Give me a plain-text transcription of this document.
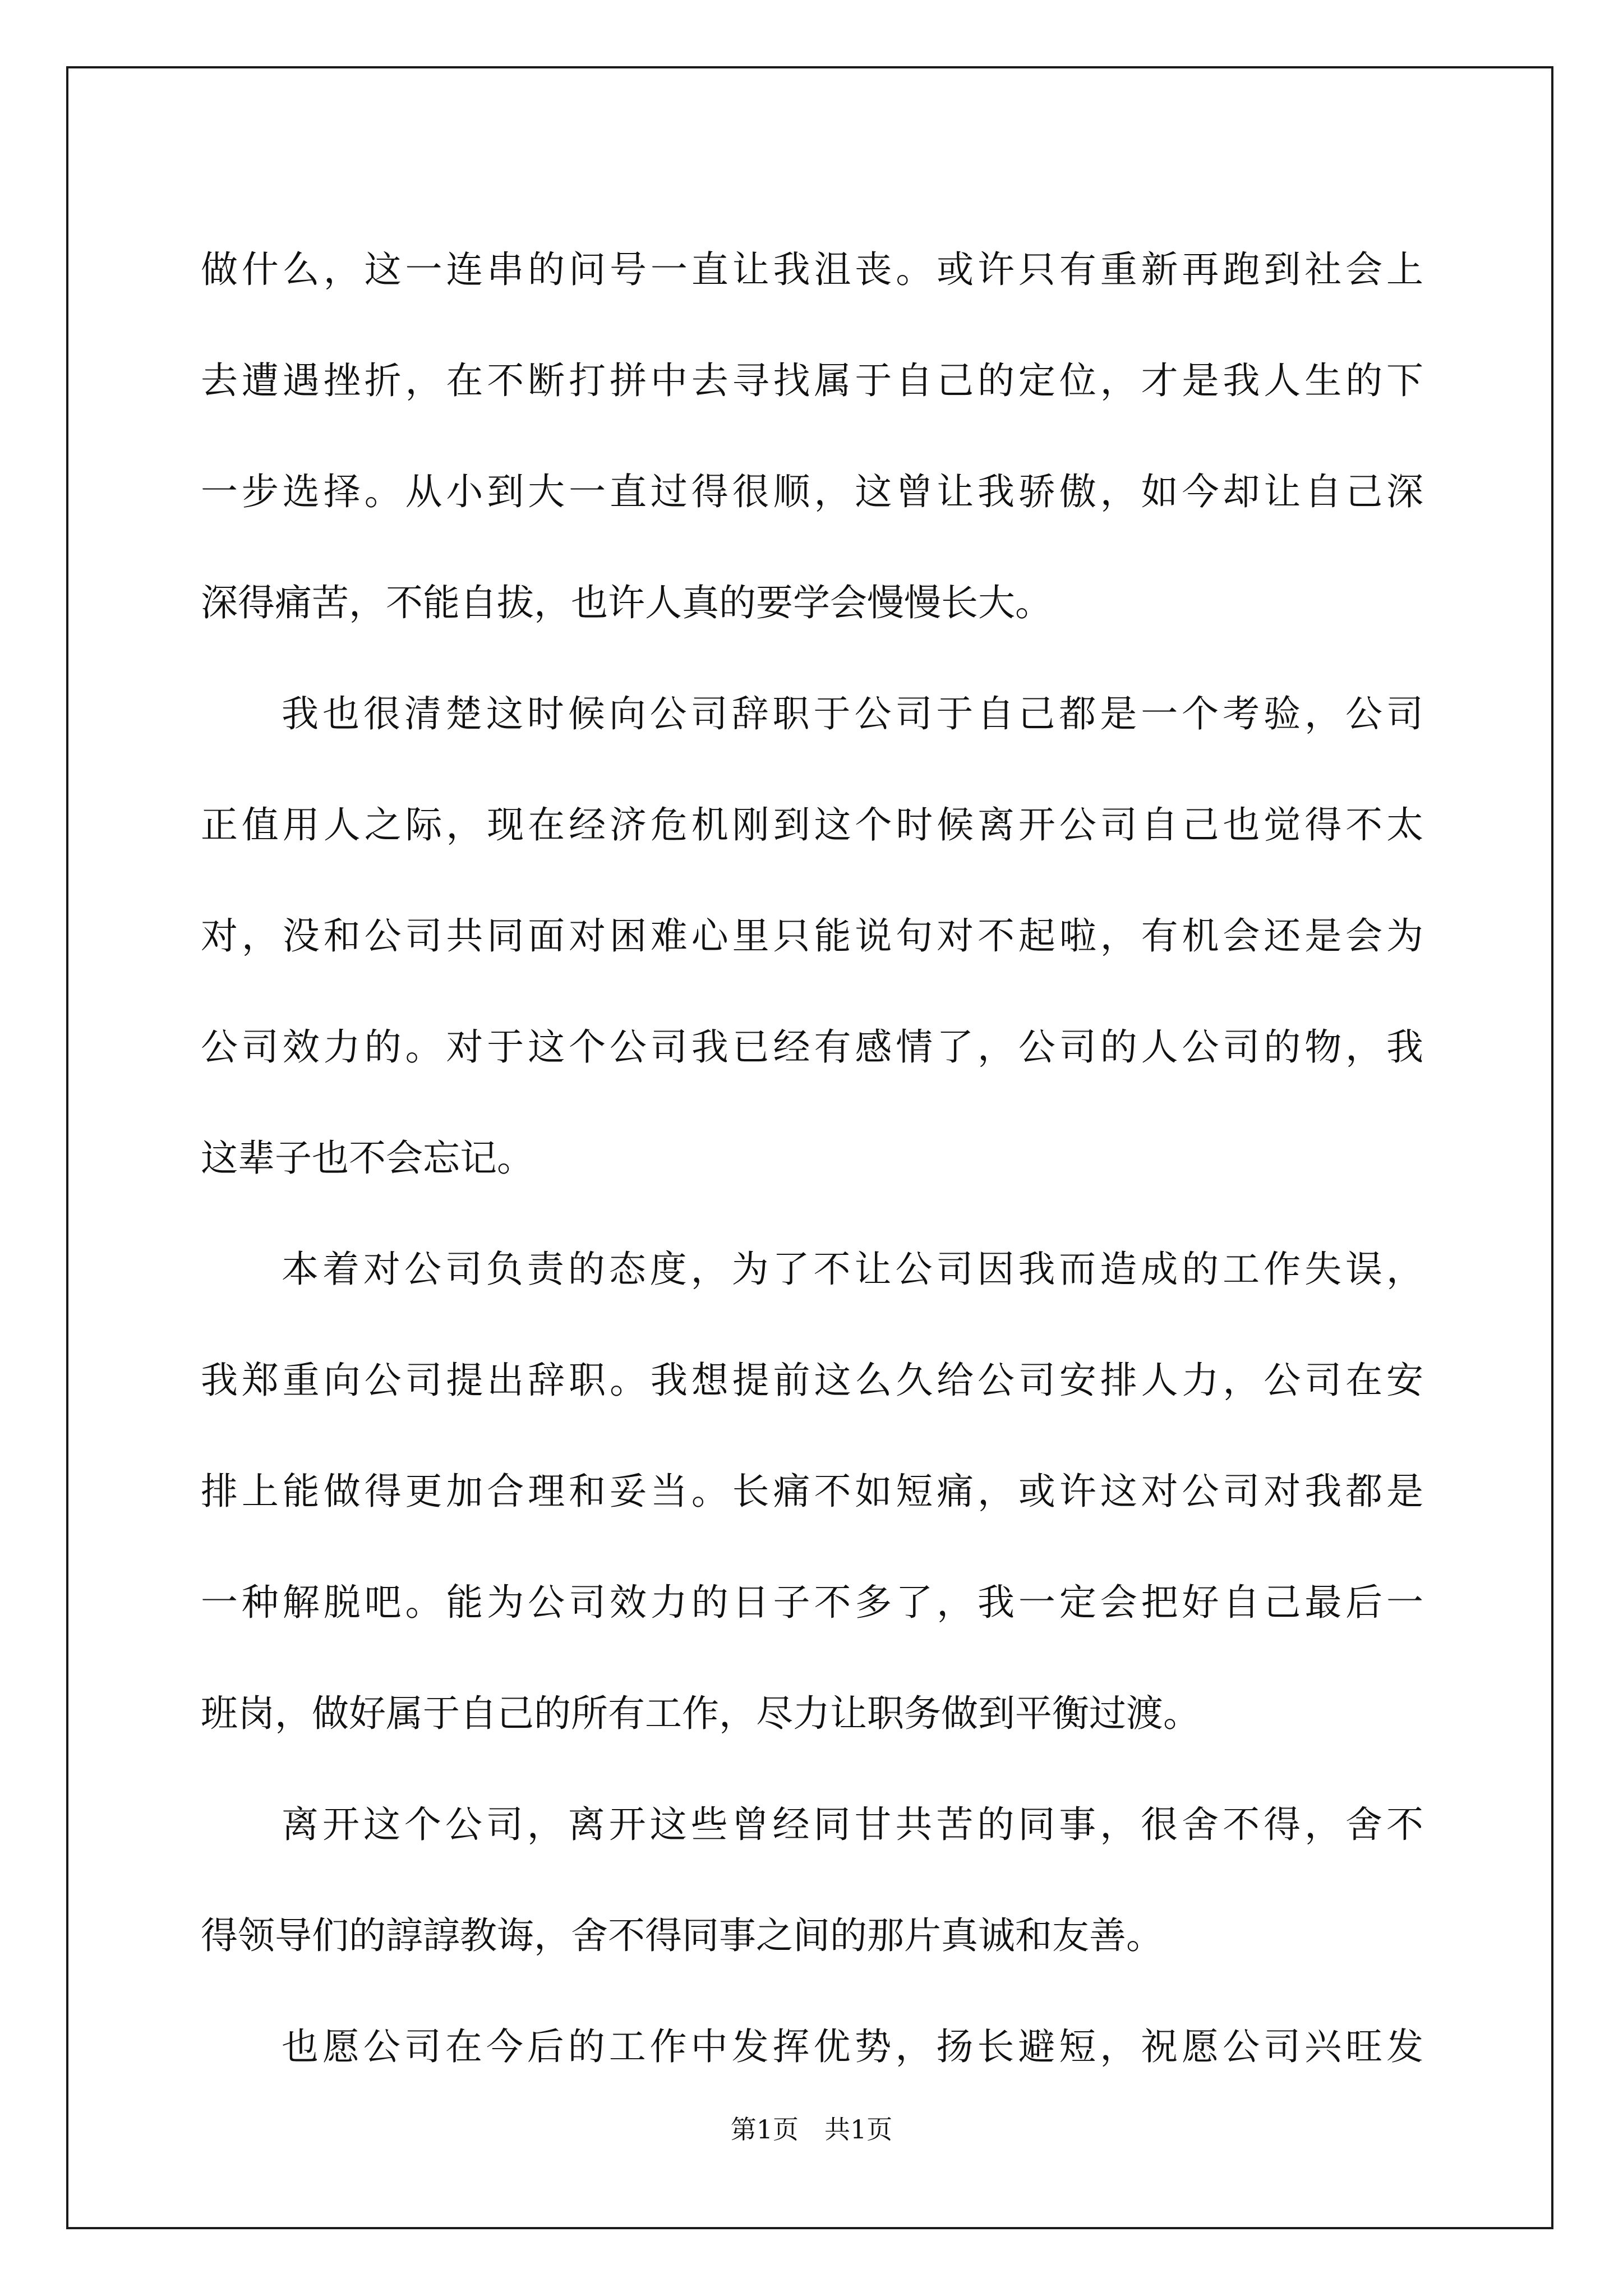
做什么，这一连串的问号一直让我沮丧。或许只有重新再跑到社会上
去遭遇挫折，在不断打拼中去寻找属于自己的定位，才是我人生的下
一步选择。从小到大一直过得很顺，这曾让我骄傲，如今却让自己深
深得痛苦，不能自拔，也许人真的要学会慢慢长大。
我也很清楚这时候向公司辞职于公司于自己都是一个考验，公司
正值用人之际，现在经济危机刚到这个时候离开公司自己也觉得不太
对，没和公司共同面对困难心里只能说句对不起啦，有机会还是会为
公司效力的。对于这个公司我已经有感情了，公司的人公司的物，我
这辈子也不会忘记。
本着对公司负责的态度，为了不让公司因我而造成的工作失误，
我郑重向公司提出辞职。我想提前这么久给公司安排人力，公司在安
排上能做得更加合理和妥当。长痛不如短痛，或许这对公司对我都是
一种解脱吧。能为公司效力的日子不多了，我一定会把好自己最后一
班岗，做好属于自己的所有工作，尽力让职务做到平衡过渡。
离开这个公司，离开这些曾经同甘共苦的同事，很舍不得，舍不
得领导们的諄諄教诲，舍不得同事之间的那片真诚和友善。
也愿公司在今后的工作中发挥优势，扬长避短，祝愿公司兴旺发
第1页 共1页
